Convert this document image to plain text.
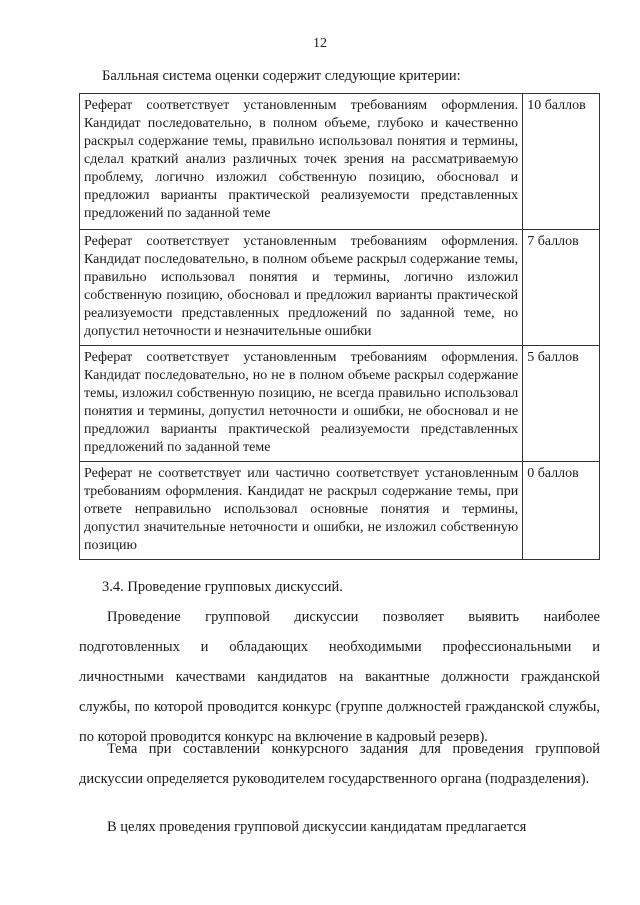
12
Балльная система оценки содержит следующие критерии:
Реферат соответствует установленным требованиям оформления. Кандидат последовательно, в полном объеме, глубоко и качественно раскрыл содержание темы, правильно использовал понятия и термины, сделал краткий анализ различных точек зрения на рассматриваемую проблему, логично изложил собственную позицию, обосновал и предложил варианты практической реализуемости представленных предложений по заданной теме	10 баллов
Реферат соответствует установленным требованиям оформления. Кандидат последовательно, в полном объеме раскрыл содержание темы, правильно использовал понятия и термины, логично изложил собственную позицию, обосновал и предложил варианты практической реализуемости представленных предложений по заданной теме, но допустил неточности и незначительные ошибки	7 баллов
Реферат соответствует установленным требованиям оформления. Кандидат последовательно, но не в полном объеме раскрыл содержание темы, изложил собственную позицию, не всегда правильно использовал понятия и термины, допустил неточности и ошибки, не обосновал и не предложил варианты практической реализуемости представленных предложений по заданной теме	5 баллов
Реферат не соответствует или частично соответствует установленным требованиям оформления. Кандидат не раскрыл содержание темы, при ответе неправильно использовал основные понятия и термины, допустил значительные неточности и ошибки, не изложил собственную позицию	0 баллов
3.4. Проведение групповых дискуссий.

Проведение групповой дискуссии позволяет выявить наиболее подготовленных и обладающих необходимыми профессиональными и личностными качествами кандидатов на вакантные должности гражданской службы, по которой проводится конкурс (группе должностей гражданской службы, по которой проводится конкурс на включение в кадровый резерв).

Тема при составлении конкурсного задания для проведения групповой дискуссии определяется руководителем государственного органа (подразделения).

В целях проведения групповой дискуссии кандидатам предлагается
